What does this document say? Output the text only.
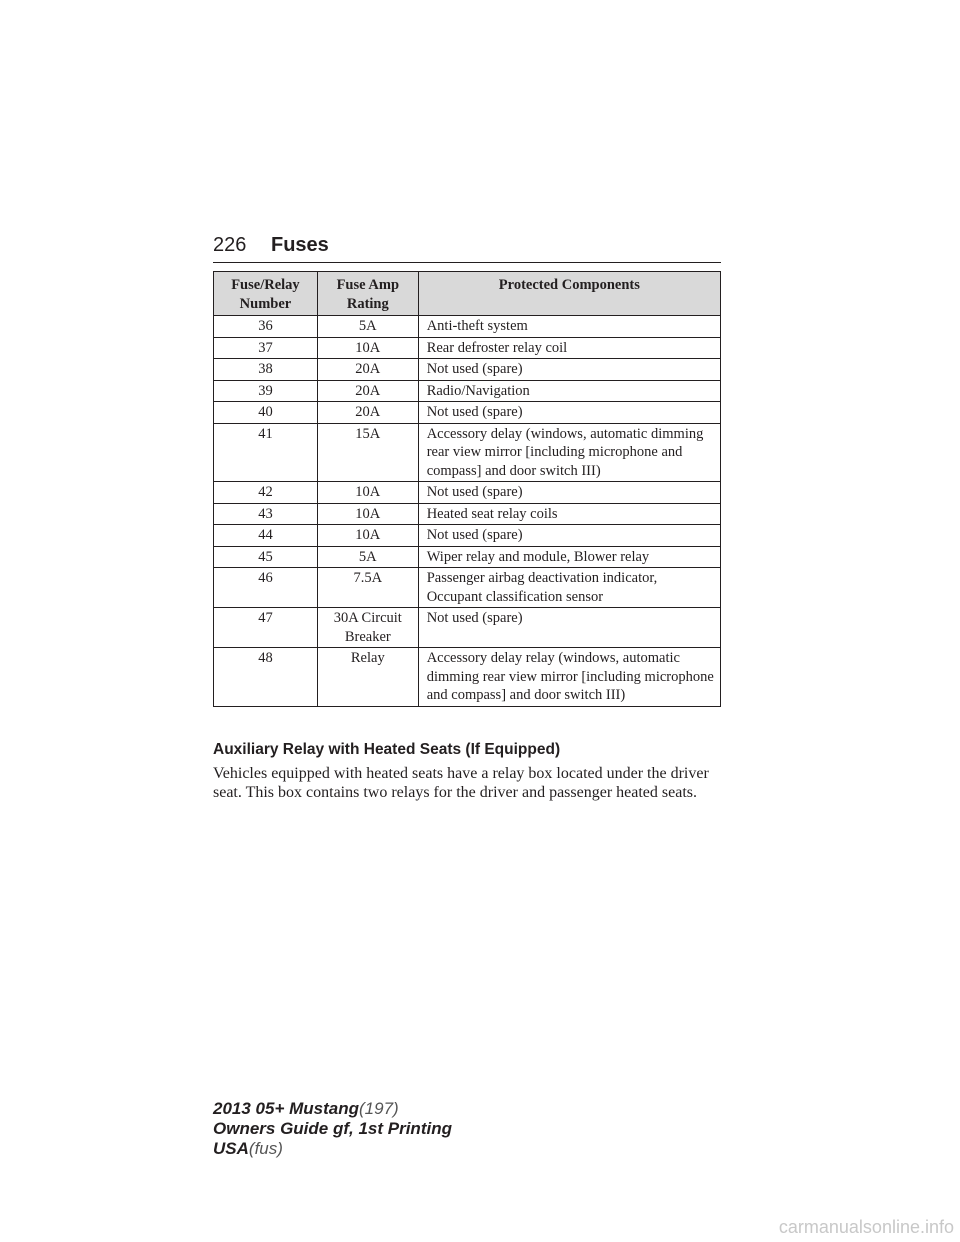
226 Fuses
Fuse/Relay Number	Fuse Amp Rating	Protected Components
36	5A	Anti-theft system
37	10A	Rear defroster relay coil
38	20A	Not used (spare)
39	20A	Radio/Navigation
40	20A	Not used (spare)
41	15A	Accessory delay (windows, automatic dimming rear view mirror [including microphone and compass] and door switch III)
42	10A	Not used (spare)
43	10A	Heated seat relay coils
44	10A	Not used (spare)
45	5A	Wiper relay and module, Blower relay
46	7.5A	Passenger airbag deactivation indicator, Occupant classification sensor
47	30A Circuit Breaker	Not used (spare)
48	Relay	Accessory delay relay (windows, automatic dimming rear view mirror [including microphone and compass] and door switch III)
Auxiliary Relay with Heated Seats (If Equipped)

Vehicles equipped with heated seats have a relay box located under the driver seat. This box contains two relays for the driver and passenger heated seats.

2013 05+ Mustang(197)
Owners Guide gf, 1st Printing
USA(fus)
carmanualsonline.info
